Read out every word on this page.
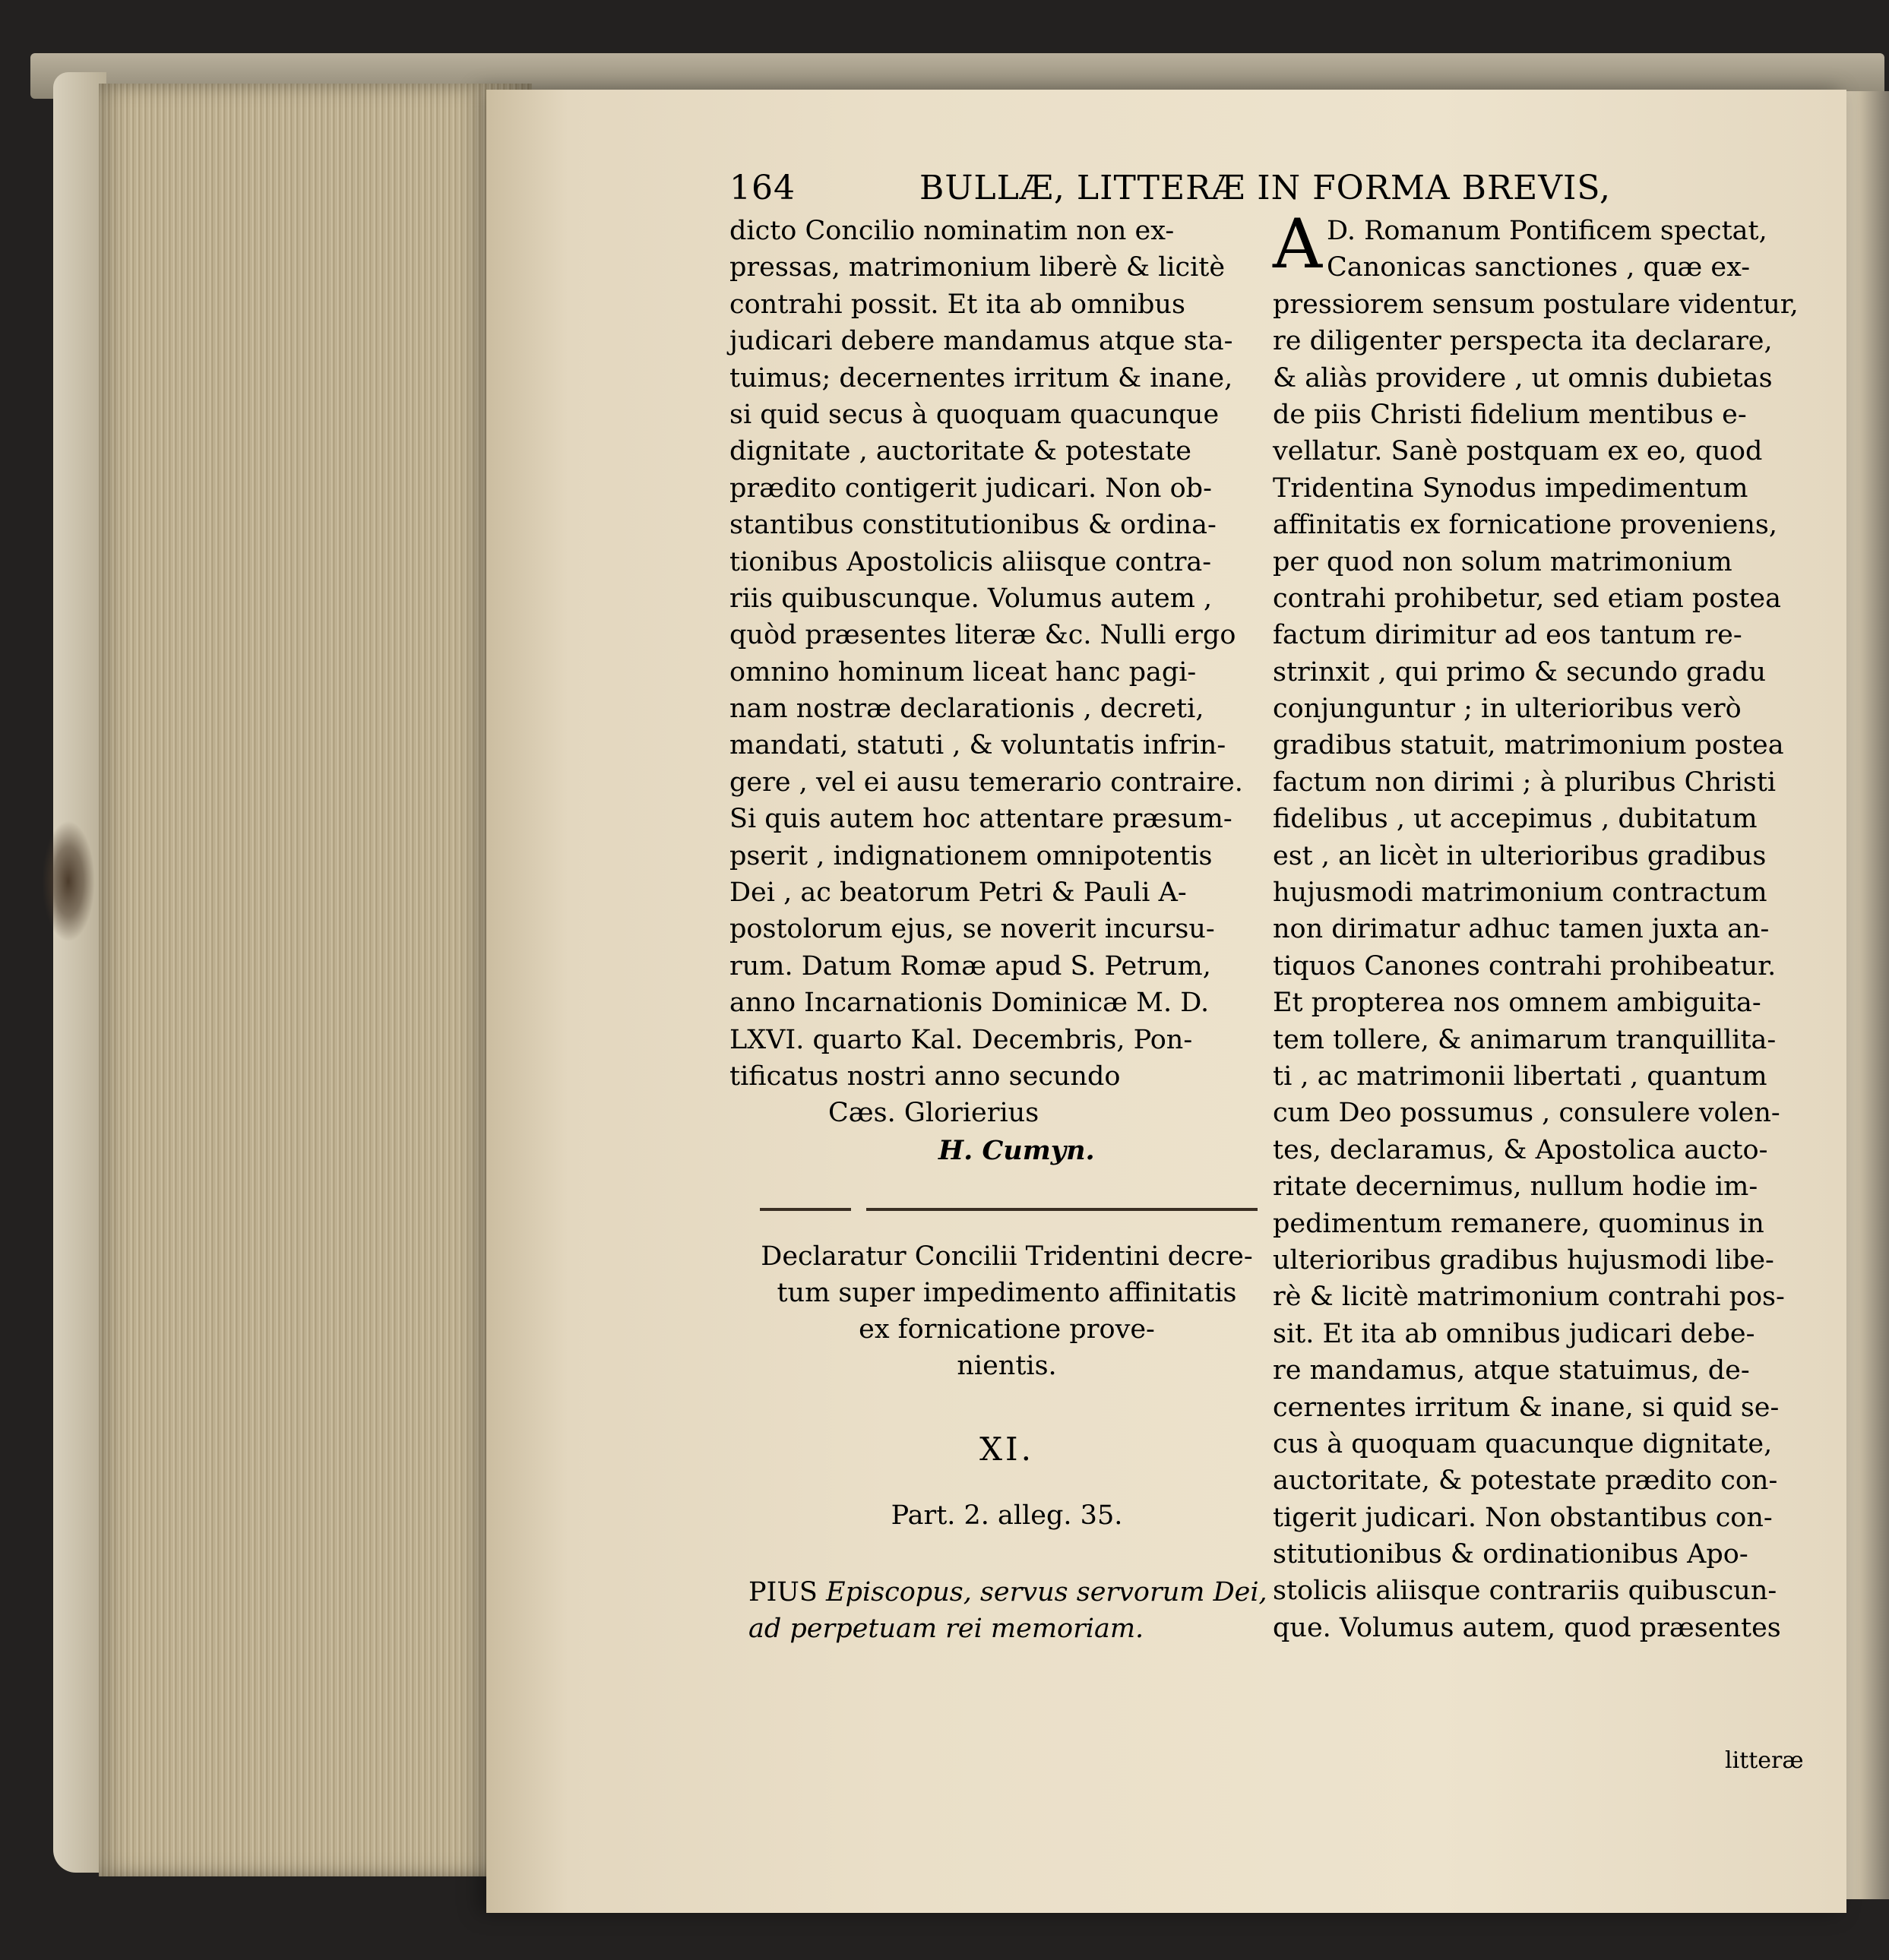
164	BULLÆ, LITTERÆ IN FORMA BREVIS,
dicto Concilio nominatim non ex-
pressas, matrimonium liberè & licitè
contrahi possit. Et ita ab omnibus
judicari debere mandamus atque sta-
tuimus; decernentes irritum & inane,
si quid secus à quoquam quacunque
dignitate , auctoritate & potestate
prædito contigerit judicari. Non ob-
stantibus constitutionibus & ordina-
tionibus Apostolicis aliisque contra-
riis quibuscunque. Volumus autem ,
quòd præsentes literæ &c. Nulli ergo
omnino hominum liceat hanc pagi-
nam nostræ declarationis , decreti,
mandati, statuti , & voluntatis infrin-
gere , vel ei ausu temerario contraire.
Si quis autem hoc attentare præsum-
pserit , indignationem omnipotentis
Dei , ac beatorum Petri & Pauli A-
postolorum ejus, se noverit incursu-
rum. Datum Romæ apud S. Petrum,
anno Incarnationis Dominicæ M. D.
LXVI. quarto Kal. Decembris, Pon-
tificatus nostri anno secundo
Cæs. Glorierius
H. Cumyn.
Declaratur Concilii Tridentini decre-
tum super impedimento affinitatis
ex fornicatione prove-
nientis.
XI.
Part. 2. alleg. 35.
PIUS Episcopus, servus servorum Dei,
ad perpetuam rei memoriam.
A D. Romanum Pontificem spectat,
Canonicas sanctiones , quæ ex-
pressiorem sensum postulare videntur,
re diligenter perspecta ita declarare,
& aliàs providere , ut omnis dubietas
de piis Christi fidelium mentibus e-
vellatur. Sanè postquam ex eo, quod
Tridentina Synodus impedimentum
affinitatis ex fornicatione proveniens,
per quod non solum matrimonium
contrahi prohibetur, sed etiam postea
factum dirimitur ad eos tantum re-
strinxit , qui primo & secundo gradu
conjunguntur ; in ulterioribus verò
gradibus statuit, matrimonium postea
factum non dirimi ; à pluribus Christi
fidelibus , ut accepimus , dubitatum
est , an licèt in ulterioribus gradibus
hujusmodi matrimonium contractum
non dirimatur adhuc tamen juxta an-
tiquos Canones contrahi prohibeatur.
Et propterea nos omnem ambiguita-
tem tollere, & animarum tranquillita-
ti , ac matrimonii libertati , quantum
cum Deo possumus , consulere volen-
tes, declaramus, & Apostolica aucto-
ritate decernimus, nullum hodie im-
pedimentum remanere, quominus in
ulterioribus gradibus hujusmodi libe-
rè & licitè matrimonium contrahi pos-
sit. Et ita ab omnibus judicari debe-
re mandamus, atque statuimus, de-
cernentes irritum & inane, si quid se-
cus à quoquam quacunque dignitate,
auctoritate, & potestate prædito con-
tigerit judicari. Non obstantibus con-
stitutionibus & ordinationibus Apo-
stolicis aliisque contrariis quibuscun-
que. Volumus autem, quod præsentes
litteræ
